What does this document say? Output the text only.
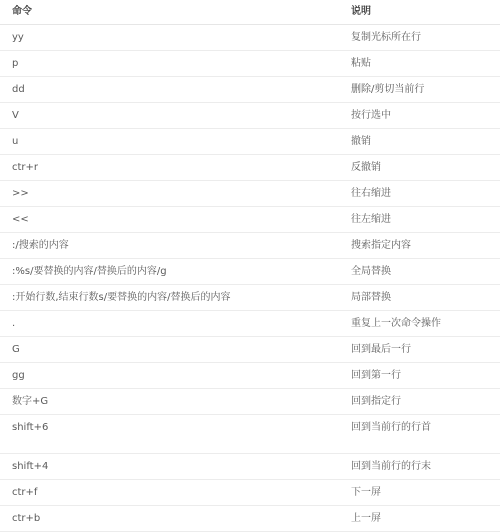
命令	说明
yy	复制光标所在行
p	粘贴
dd	删除/剪切当前行
V	按行选中
u	撤销
ctr+r	反撤销
>>	往右缩进
<<	往左缩进
:/搜索的内容	搜索指定内容
:%s/要替换的内容/替换后的内容/g	全局替换
:开始行数,结束行数s/要替换的内容/替换后的内容	局部替换
.	重复上一次命令操作
G	回到最后一行
gg	回到第一行
数字+G	回到指定行
shift+6	回到当前行的行首
shift+4	回到当前行的行末
ctr+f	下一屏
ctr+b	上一屏
